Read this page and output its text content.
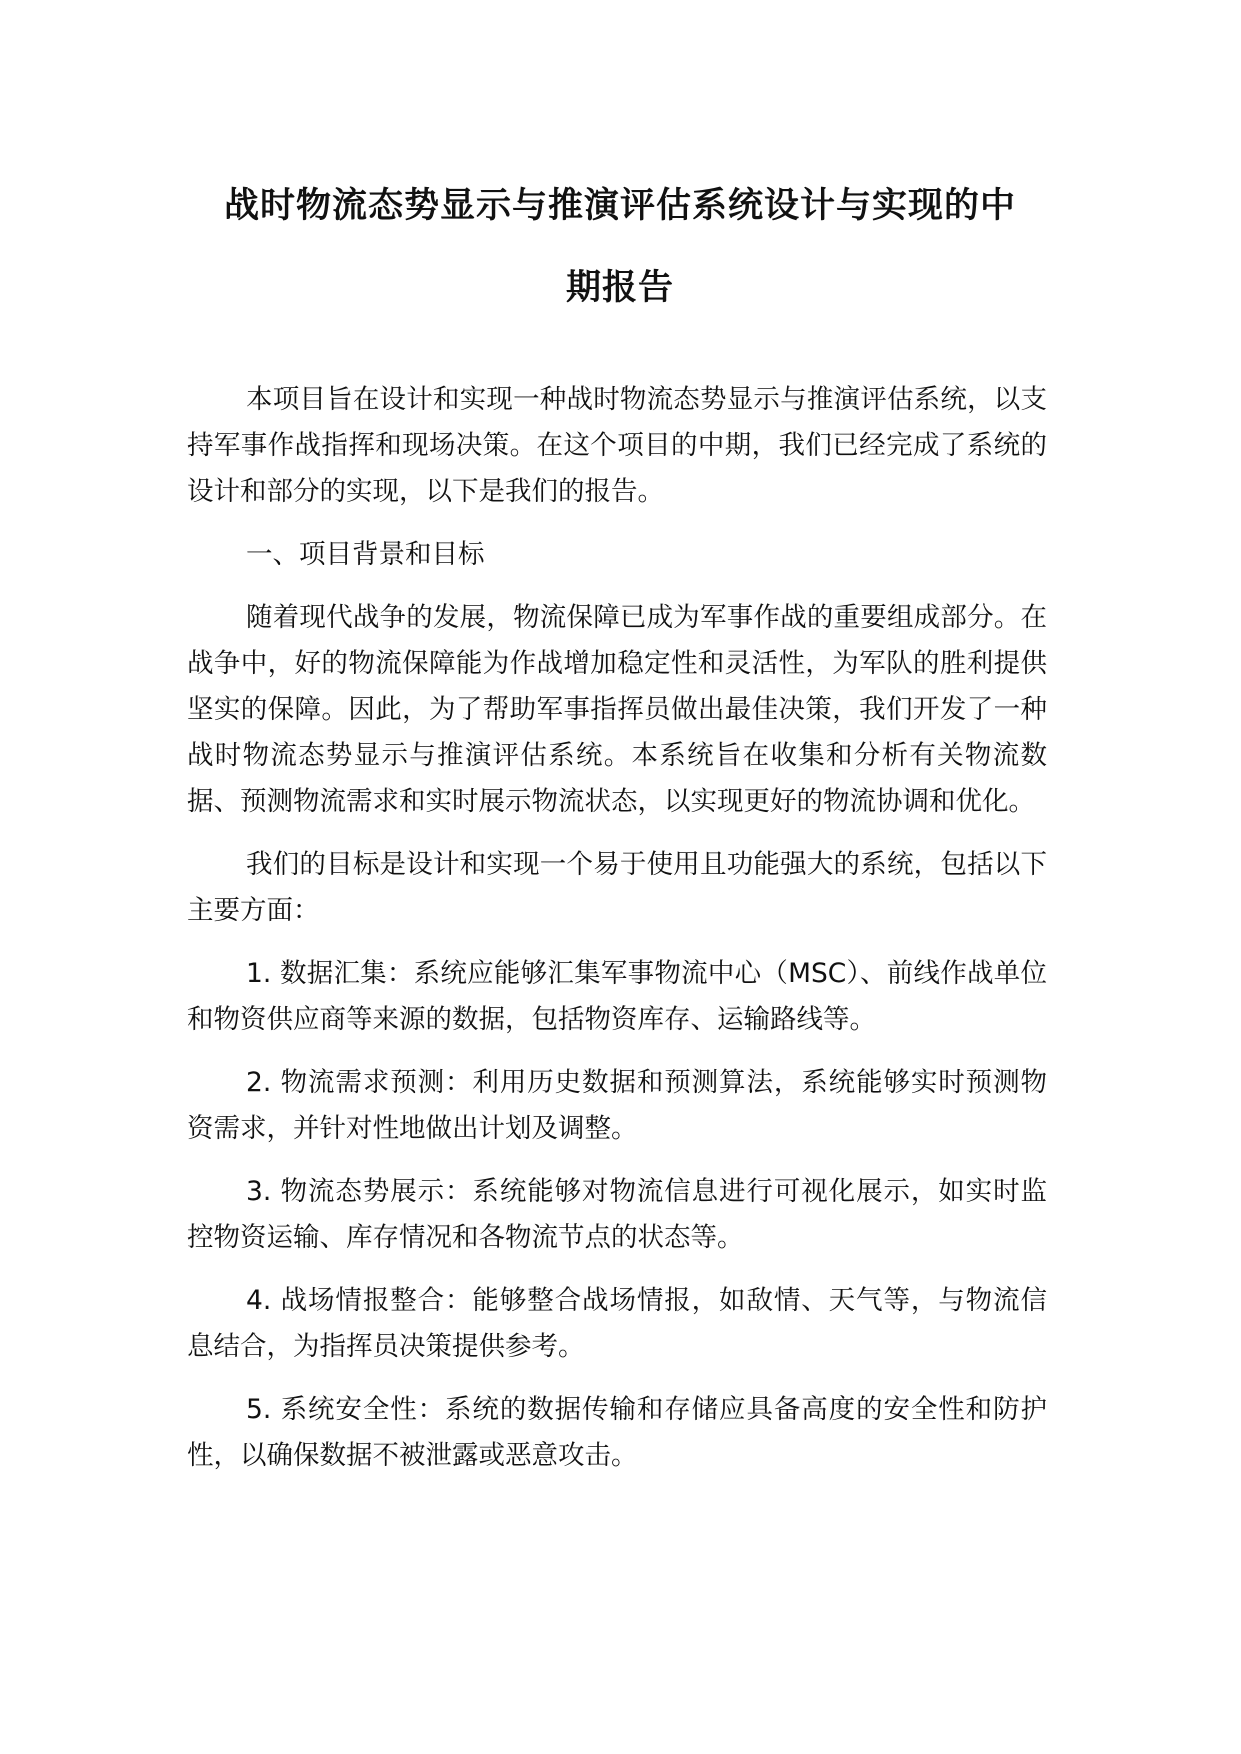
战时物流态势显示与推演评估系统设计与实现的中
期报告

本项目旨在设计和实现一种战时物流态势显示与推演评估系统，以支持军事作战指挥和现场决策。在这个项目的中期，我们已经完成了系统的设计和部分的实现，以下是我们的报告。

一、项目背景和目标

随着现代战争的发展，物流保障已成为军事作战的重要组成部分。在战争中，好的物流保障能为作战增加稳定性和灵活性，为军队的胜利提供坚实的保障。因此，为了帮助军事指挥员做出最佳决策，我们开发了一种战时物流态势显示与推演评估系统。本系统旨在收集和分析有关物流数据、预测物流需求和实时展示物流状态，以实现更好的物流协调和优化。

我们的目标是设计和实现一个易于使用且功能强大的系统，包括以下主要方面：

1. 数据汇集：系统应能够汇集军事物流中心（MSC）、前线作战单位和物资供应商等来源的数据，包括物资库存、运输路线等。

2. 物流需求预测：利用历史数据和预测算法，系统能够实时预测物资需求，并针对性地做出计划及调整。

3. 物流态势展示：系统能够对物流信息进行可视化展示，如实时监控物资运输、库存情况和各物流节点的状态等。

4. 战场情报整合：能够整合战场情报，如敌情、天气等，与物流信息结合，为指挥员决策提供参考。

5. 系统安全性：系统的数据传输和存储应具备高度的安全性和防护性，以确保数据不被泄露或恶意攻击。
